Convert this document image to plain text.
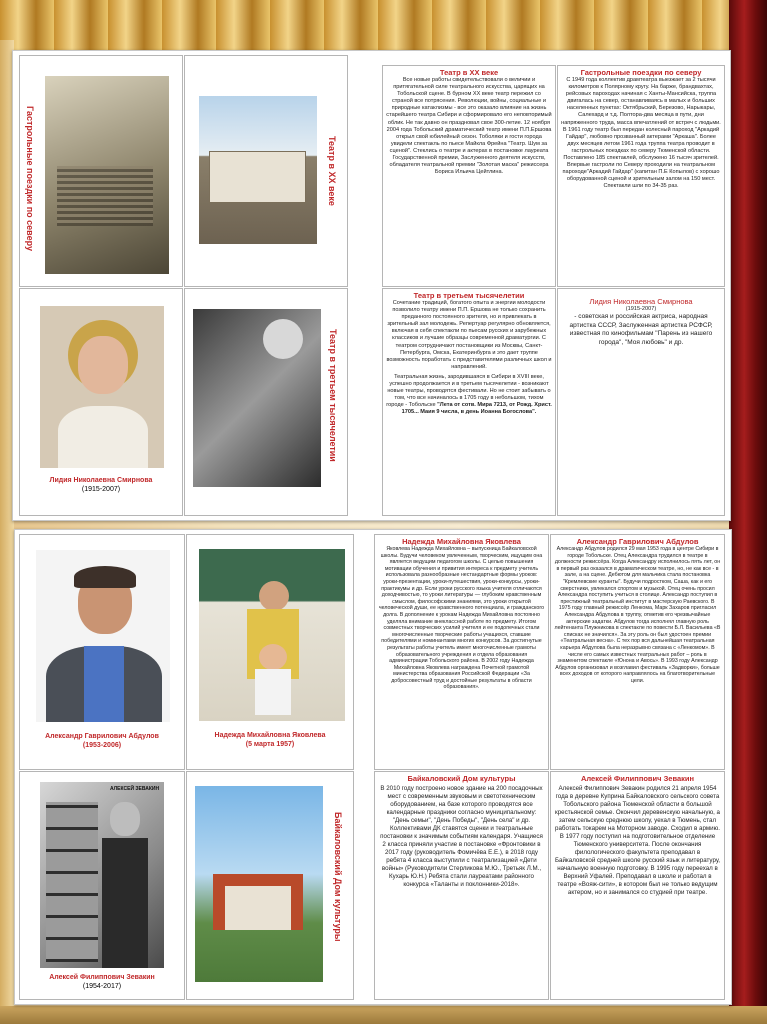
Гастрольные поездки по северу	Театр в XX веке
Лидия Николаевна Смирнова
(1915-2007)
Театр в третьем тысячелетии
Театр в XX веке
Все новые работы свидетельствовали о величии и притягательной силе театрального искусства, царящих на Тобольской сцене. В бурном XX веке театр пережил со страной все потрясения. Революции, войны, социальные и природные катаклизмы - все это оказало влияние на жизнь старейшего театра Сибири и сформировало его неповторимый облик. Не так давно он праздновал свое 300-летие. 12 ноября 2004 года Тобольский драматический театр имени П.П.Ершова открыл свой юбилейный сезон. Тоболяки и гости города увидели спектакль по пьесе Майкла Фрейна "Театр. Шум за сценой". Стеклись о театре и актерах в постановке лауреата Государственной премии, Заслуженного деятеля искусств, обладателя театральной премии "Золотая маска" режиссера Бориса Ильича Цейтлина.
Гастрольные поездки по северу
С 1949 года коллектив драмтеатра выезжает за 2 тысячи километров к Полярному кругу. На барже, брандвахтах, рейсовых пароходах начиная с Ханты-Мансийска, труппа двигалась на север, останавливаясь в малых и больших населенных пунктах: Октябрьский, Березово, Нарыкары, Салехард и т.д. Полтора-два месяца в пути, дни напряженного труда, масса впечатлений от встреч с людьми. В 1961 году театр был передан колесный пароход "Аркадий Гайдар", любовно прозванный актерами "Аркаша". Более двух месяцев летом 1961 года труппа театра проводит в гастрольных поездках по северу Тюменской области. Поставлено 185 спектаклей, обслужено 16 тысяч зрителей. Впервые гастроли по Северу проходили на театральном пароходе"Аркадий Гайдар" (капитан П.Е Копылов) с хорошо оборудованной сценой и зрительным залом на 150 мест. Спектакли шли по 34-35 раз.
Театр в третьем тысячелетии
Сочетание традиций, богатого опыта и энергии молодости позволило театру имени П.П. Ершова не только сохранить преданного постоянного зрителя, но и привлекать в зрительный зал молодежь. Репертуар регулярно обновляется, включая в себя спектакли по пьесам русских и зарубежных классиков и лучшие образцы современной драматургии. С театром сотрудничают постановщики из Москвы, Санкт-Петербурга, Омска, Екатеринбурга и это дает труппе возможность поработать с представителями различных школ и направлений.
Театральная жизнь, зародившаяся в Сибири в XVIII веке, успешно продолжается и в третьем тысячелетии - возникают новые театры, проводятся фестивали. Но не стоит забывать о том, что все начиналось в 1705 году в небольшом, тихом городе - Тобольске "Лета от сотв. Мира 7213, от Рожд. Христ. 1705... Маия 9 числа, в день Иоанна Богослова".
Лидия Николаевна Смирнова
(1915-2007)
- советская и российская актриса, народная артистка СССР, Заслуженная артистка РСФСР, известная по кинофильмам "Парень из нашего города", "Моя любовь" и др.
Александр Гаврилович Абдулов
(1953-2006)
Надежда Михайловна Яковлева
(5 марта 1957)
АЛЕКСЕЙ ЗЕВАКИН
Алексей Филиппович Зевакин
(1954-2017)
Байкаловский Дом культуры
Надежда Михайловна Яковлева
Яковлева Надежда Михайловна – выпускница Байкаловской школы. Будучи человеком увлеченным, творческим, ищущим она является ведущим педагогом школы. С целью повышения мотивации обучения и привития интереса к предмету учитель использовала разнообразные нестандартные формы уроков: уроки-презентации, уроки-путешествия, уроки-конкурсы, уроки-практикумы и др. Если уроки русского языка учителя отличаются доходчивостью, то уроки литературы — глубоким нравственным смыслом, философскими знаниями, это уроки открытой человеческой души, ее нравственного потенциала, и гражданского долга. В дополнение к урокам Надежда Михайловна постоянно уделяла внимание внеклассной работе по предмету. Итогом совместных творческих усилий учителя и ее подопечных стали многочисленные творческие работы учащихся, ставшие победителями и номинантами многих конкурсов. За достигнутые результаты работы учитель имеет многочисленные грамоты образовательного учреждения и отдела образования администрации Тобольского района. В 2002 году Надежда Михайловна Яковлева награждена Почетной грамотой министерства образования Российской Федерации «За добросовестный труд и достойные результаты в области образования».
Александр Гаврилович Абдулов
Александр Абдулов родился 29 мая 1953 года в центре Сибири в городе Тобольске. Отец Александра трудился в театре в должности режиссёра. Когда Александру исполнилось пять лет, он в первый раз оказался в драматическом театре, но, не как все - в зале, а на сцене. Дебютом для мальчика стала постановка "Кремлевские куранты". Будучи подростком, Саша, как и его сверстники, увлекался спортом и музыкой. Отец очень просил Александра поступить учиться в столице. Александр поступил в престижный театральный институт в мастерскую Раевского. В 1975 году главный режиссёр Ленкома, Марк Захаров пригласил Александра Абдулова в труппу, отметив его чрезвычайные актерские задатки. Абдулов тогда исполнял главную роль лейтенанта Плужникова в спектакле по повести Б.Л. Васильева «В списках не значился». За эту роль он был удостоен премии «Театральная весна». С тех пор вся дальнейшая театральная карьера Абдулова была неразрывно связана с «Ленкомом». В числе его самых известных театральных работ – роль в знаменитом спектакле «Юнона и Авось». В 1993 году Александр Абдулов организовал и возглавил фестиваль «Задворки», больше всех доходов от которого направлялось на благотворительные цели.
Байкаловский Дом культуры
В 2010 году построено новое здание на 200 посадочных мест с современным звуковым и светотехническим оборудованием, на базе которого проводятся все календарные праздники согласно муниципальному: "День семьи", "День Победы", "День села" и др. Коллективами ДК ставятся сценки и театральные постановки к значимым событиям календаря. Учащиеся 2 класса приняли участие в постановке «Фронтовики в 2017 году (руководитель Фомичёва Е.Е.), в 2018 году ребята 4 класса выступили с театрализацией «Дети войны» (Руководители Стерликова М.Ю., Третьяк Л.М., Кухарь Ю.Н.) Ребята стали лауреатами районного конкурса «Таланты и поклонники-2018».
Алексей Филиппович Зевакин
Алексей Филиппович Зевакин родился 21 апреля 1954 года в деревне Куприна Байкаловского сельского совета Тобольского района Тюменской области в большой крестьянской семье. Окончил деревенскую начальную, а затем сельскую среднюю школу, уехал в Тюмень, стал работать токарем на Моторном заводе. Сходил в армию. В 1977 году поступил на подготовительное отделение Тюменского университета. После окончания филологического факультета преподавал в Байкаловской средней школе русский язык и литературу, начальную военную подготовку. В 1995 году переехал в Верхний Уфалей. Преподавал в школе и работал в театре «Вояж-сити», в котором был не только ведущим актером, но и занимался со студией при театре.
